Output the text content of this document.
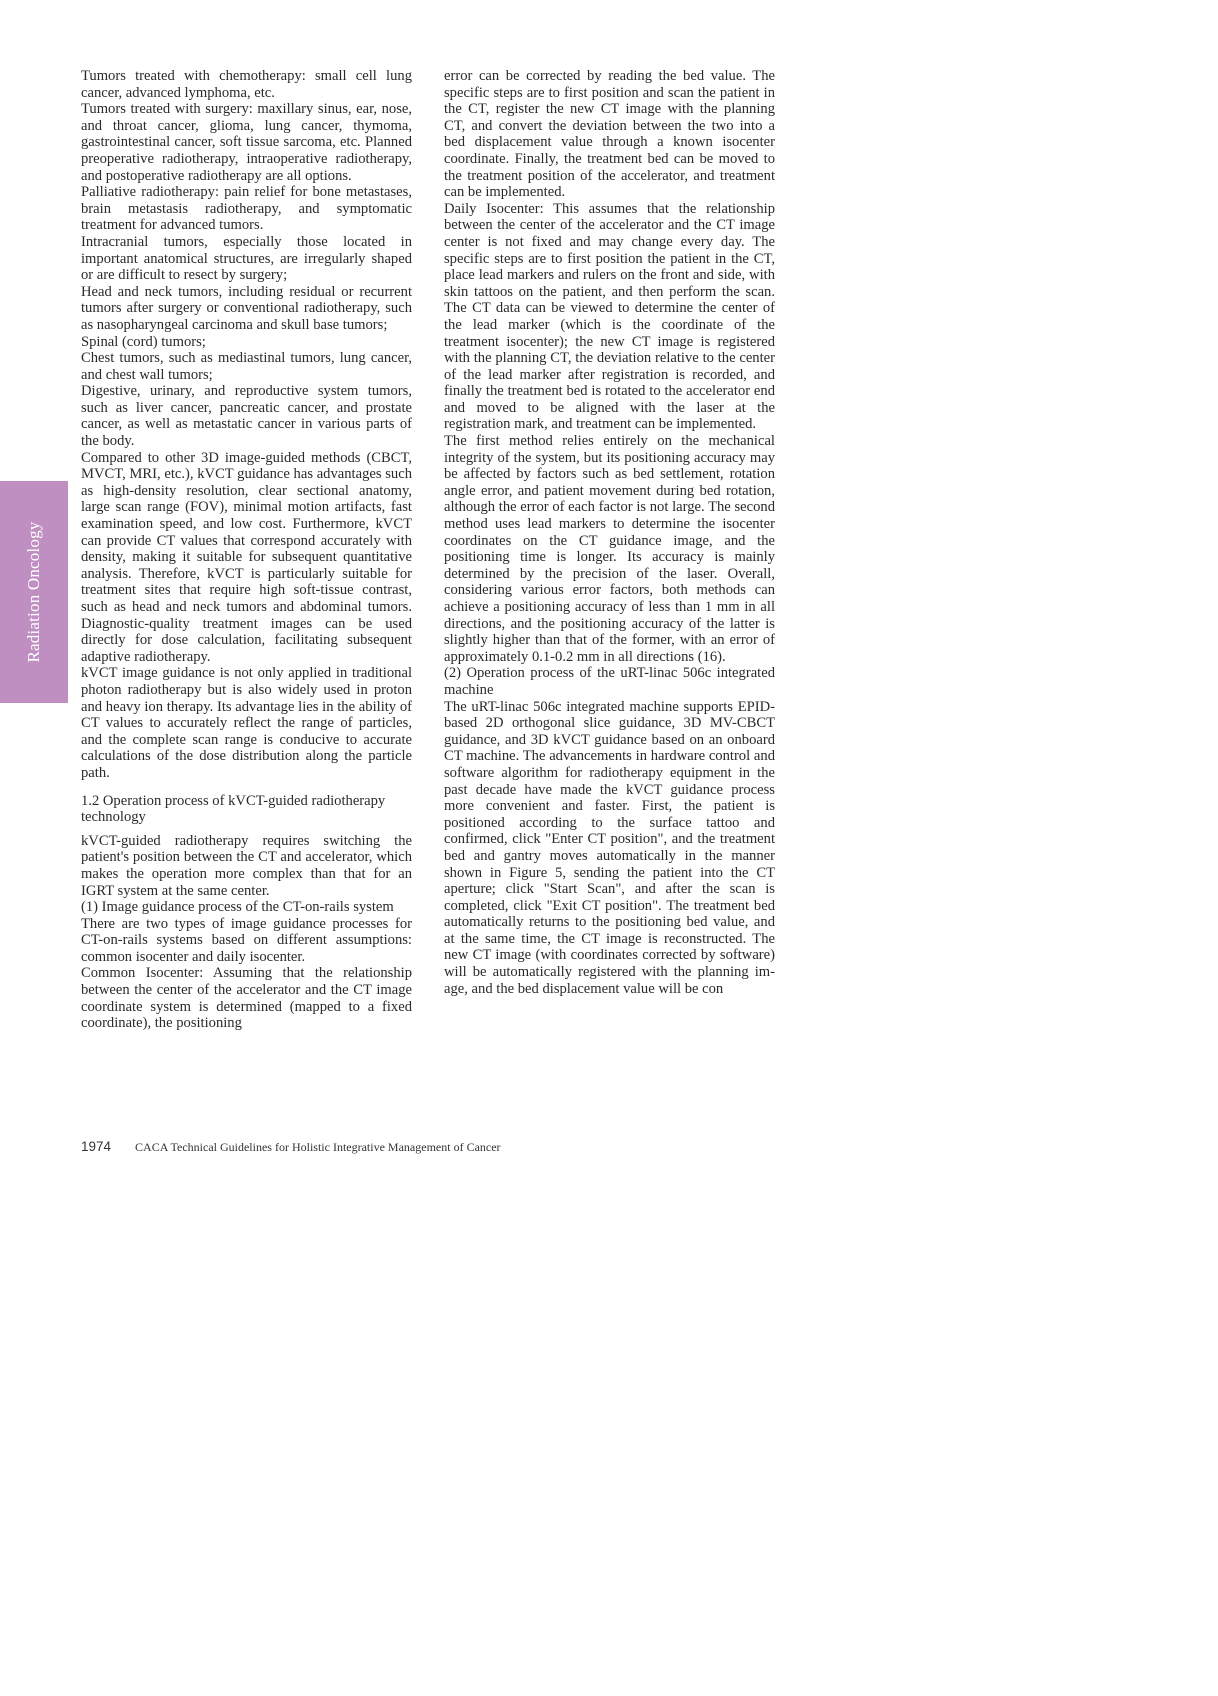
Radiation Oncology

Tumors treated with chemotherapy: small cell lung cancer, advanced lymphoma, etc.

Tumors treated with surgery: maxillary sinus, ear, nose, and throat cancer, glioma, lung cancer, thymoma, gastrointestinal cancer, soft tissue sarcoma, etc. Planned preoperative radiotherapy, intraoperative radiotherapy, and postoperative radiotherapy are all options.

Palliative radiotherapy: pain relief for bone metastases, brain metastasis radiotherapy, and symptomatic treatment for advanced tumors.

Intracranial tumors, especially those located in important anatomical structures, are irregularly shaped or are difficult to resect by surgery;

Head and neck tumors, including residual or recurrent tumors after surgery or conventional radiotherapy, such as nasopharyngeal carcinoma and skull base tumors;

Spinal (cord) tumors;

Chest tumors, such as mediastinal tumors, lung cancer, and chest wall tumors;

Digestive, urinary, and reproductive system tumors, such as liver cancer, pancreatic cancer, and prostate cancer, as well as metastatic cancer in various parts of the body.

Compared to other 3D image-guided methods (CBCT, MVCT, MRI, etc.), kVCT guidance has advantages such as high-density resolution, clear sectional anatomy, large scan range (FOV), minimal motion artifacts, fast examination speed, and low cost. Furthermore, kVCT can provide CT values that correspond accurately with density, making it suitable for subsequent quantitative analysis. Therefore, kVCT is particularly suitable for treatment sites that require high soft-tissue contrast, such as head and neck tumors and abdominal tumors. Diagnostic-quality treatment images can be used directly for dose calculation, facilitating subsequent adaptive radiotherapy.

kVCT image guidance is not only applied in traditional photon radiotherapy but is also widely used in proton and heavy ion therapy. Its advantage lies in the ability of CT values to accurately reflect the range of particles, and the complete scan range is conducive to accurate calculations of the dose distribution along the particle path.

1.2 Operation process of kVCT-guided radiotherapy technology

kVCT-guided radiotherapy requires switching the patient's position between the CT and accelerator, which makes the operation more complex than that for an IGRT system at the same center.

(1) Image guidance process of the CT-on-rails system

There are two types of image guidance processes for CT-on-rails systems based on different assumptions: common isocenter and daily isocenter.

Common Isocenter: Assuming that the relationship between the center of the accelerator and the CT image coordinate system is determined (mapped to a fixed coordinate), the positioning

error can be corrected by reading the bed value. The specific steps are to first position and scan the patient in the CT, register the new CT image with the planning CT, and convert the deviation between the two into a bed displacement value through a known isocenter coordinate. Finally, the treatment bed can be moved to the treatment position of the accelerator, and treatment can be implemented.

Daily Isocenter: This assumes that the relationship between the center of the accelerator and the CT image center is not fixed and may change every day. The specific steps are to first position the patient in the CT, place lead markers and rulers on the front and side, with skin tattoos on the patient, and then perform the scan. The CT data can be viewed to determine the center of the lead marker (which is the coordinate of the treatment isocenter); the new CT image is registered with the planning CT, the deviation relative to the center of the lead marker after registration is recorded, and finally the treatment bed is rotated to the accelerator end and moved to be aligned with the laser at the registration mark, and treatment can be implemented.

The first method relies entirely on the mechanical integrity of the system, but its positioning accuracy may be affected by factors such as bed settlement, rotation angle error, and patient movement during bed rotation, although the error of each factor is not large. The second method uses lead markers to determine the isocenter coordinates on the CT guidance image, and the positioning time is longer. Its accuracy is mainly determined by the precision of the laser. Overall, considering various error factors, both methods can achieve a positioning accuracy of less than 1 mm in all directions, and the positioning accuracy of the latter is slightly higher than that of the former, with an error of approximately 0.1-0.2 mm in all directions (16).

(2) Operation process of the uRT-linac 506c integrated machine

The uRT-linac 506c integrated machine supports EPID-based 2D orthogonal slice guidance, 3D MV-CBCT guidance, and 3D kVCT guidance based on an onboard CT machine. The advancements in hardware control and software algorithm for radiotherapy equipment in the past decade have made the kVCT guidance process more convenient and faster. First, the patient is positioned according to the surface tattoo and confirmed, click "Enter CT position", and the treatment bed and gantry moves automatically in the manner shown in Figure 5, sending the patient into the CT aperture; click "Start Scan", and after the scan is completed, click "Exit CT position". The treatment bed automatically returns to the positioning bed value, and at the same time, the CT image is reconstructed. The new CT image (with coordinates corrected by software) will be automatically registered with the planning image, and the bed displacement value will be con

1974 CACA Technical Guidelines for Holistic Integrative Management of Cancer
